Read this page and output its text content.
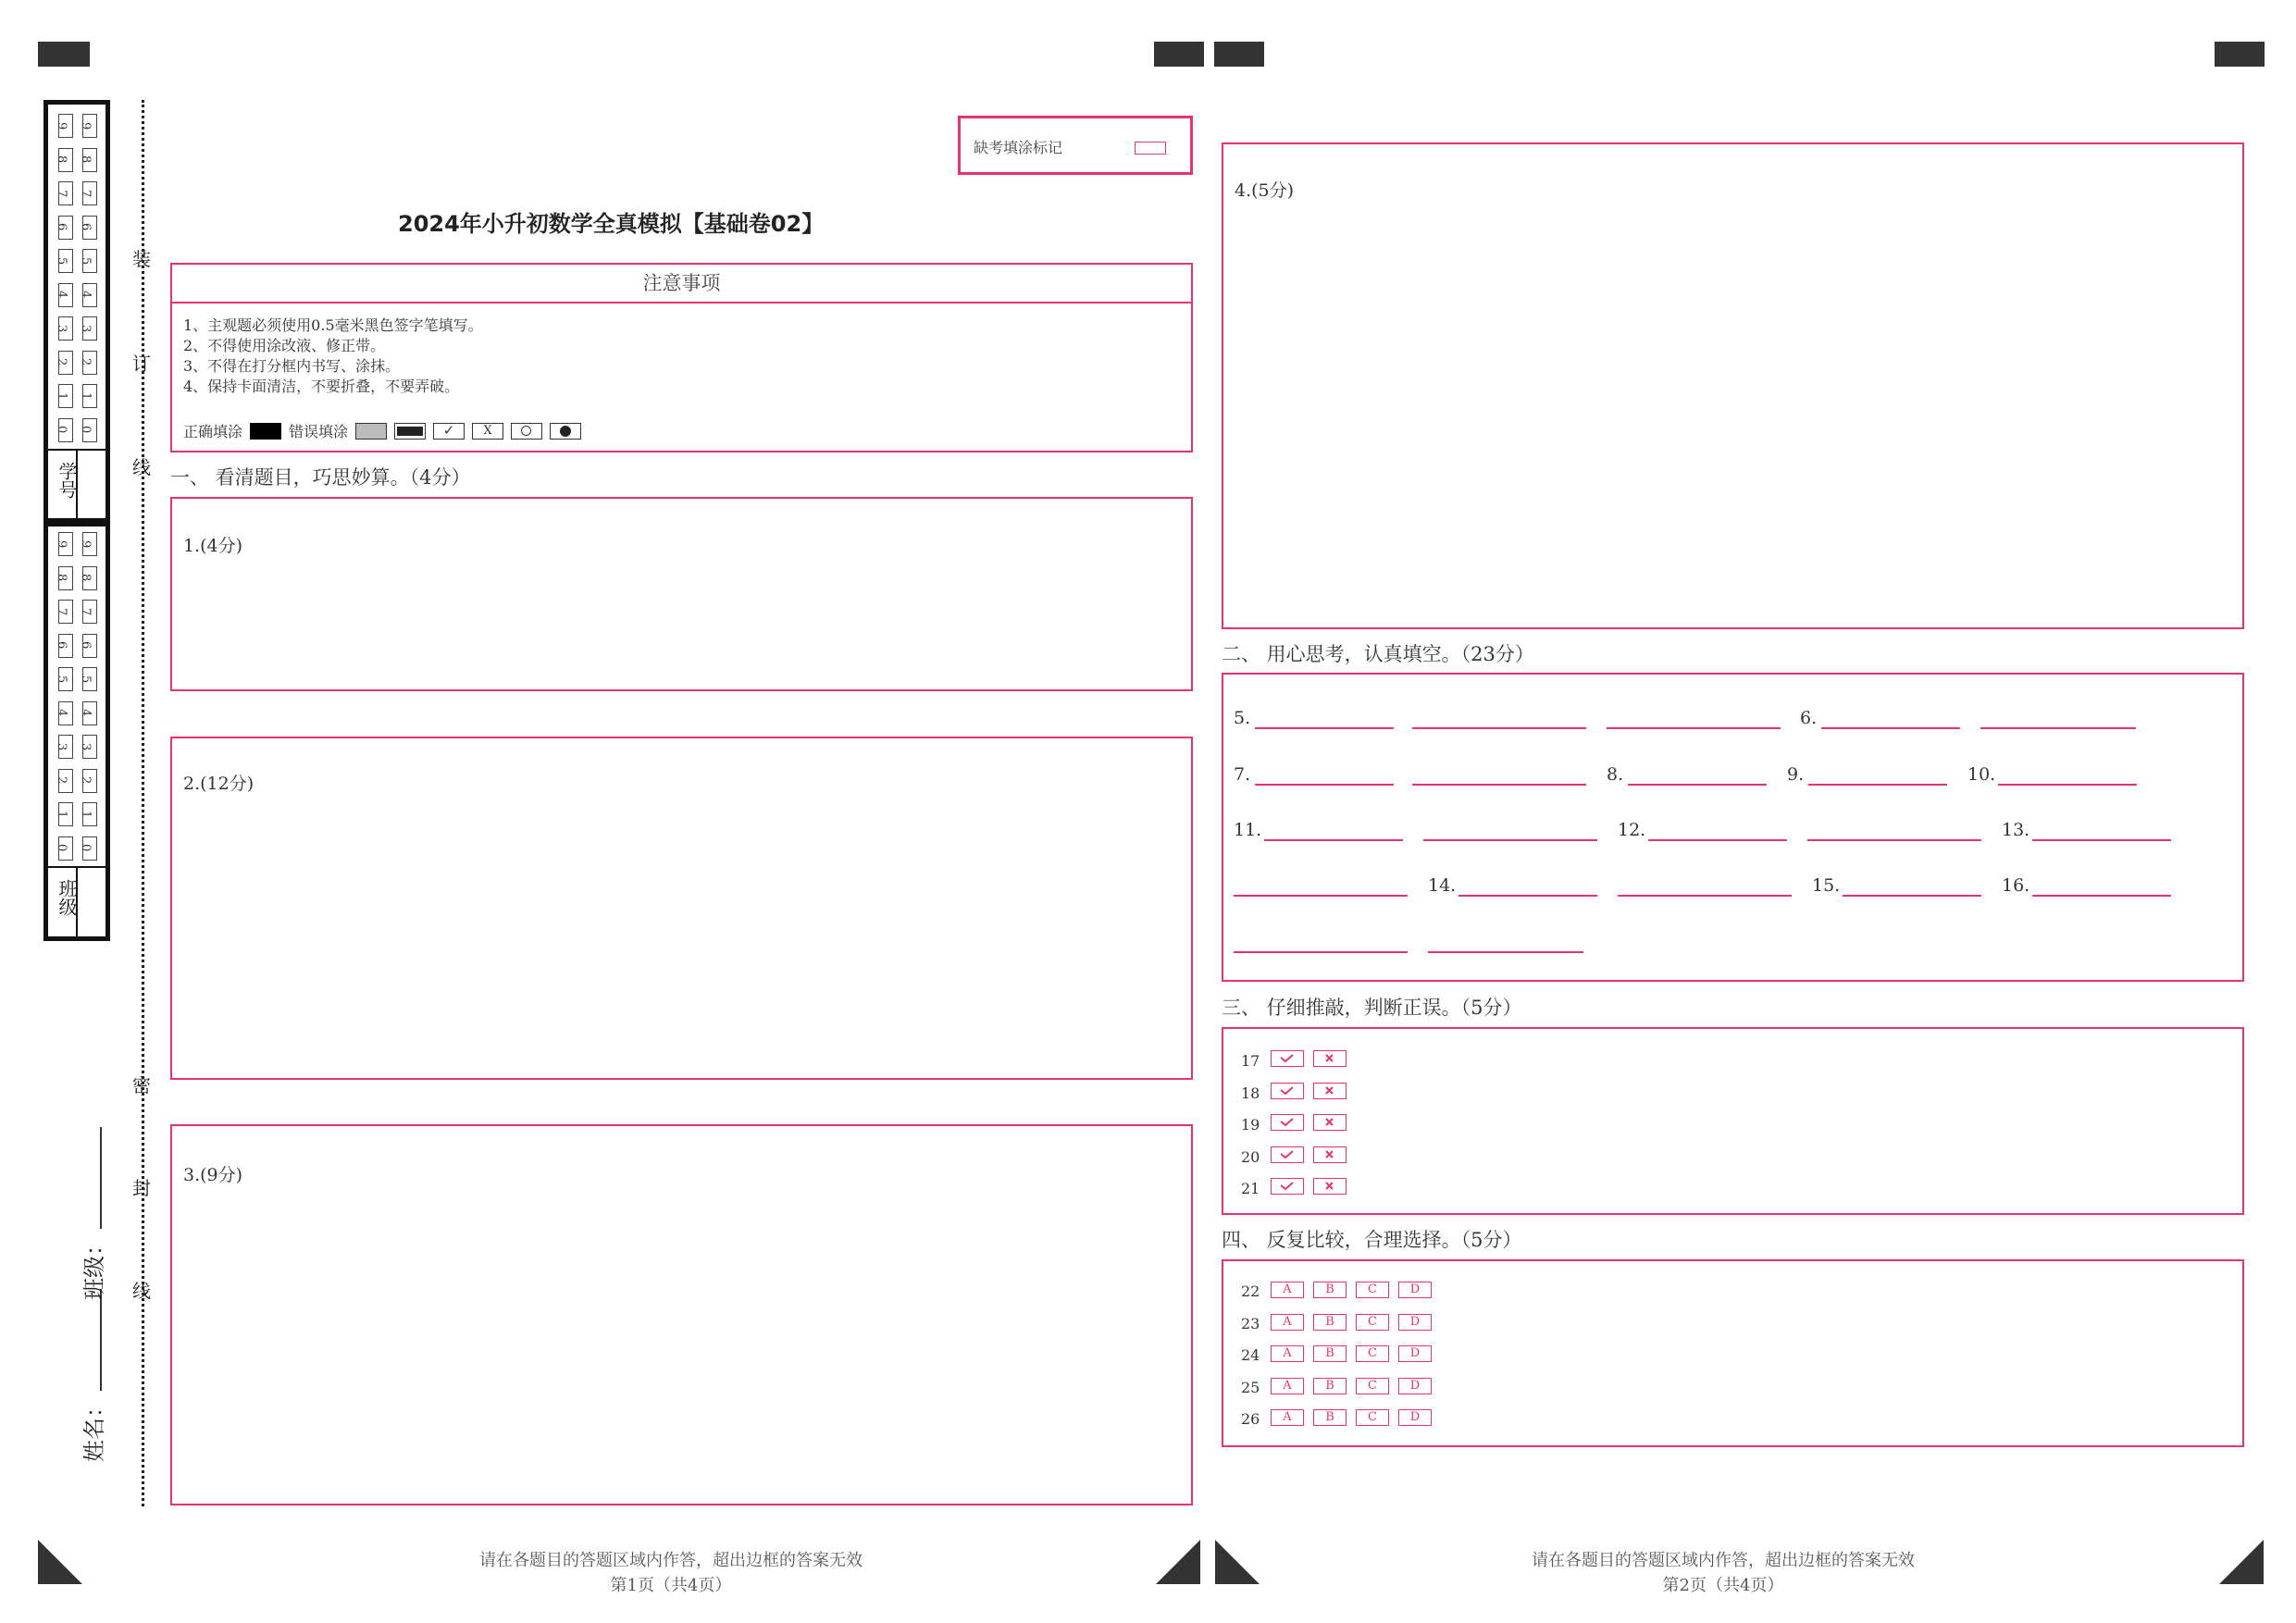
学号
班级
9 9
8 8
7 7
6 6
5 5
4 4
3 3
2 2
1 1
0 0
9 9
8 8
7 7
6 6
5 5
4 4
3 3
2 2
1 1
0 0
装
订
线
密
封
线
姓名：
班级：
缺考填涂标记
2024年小升初数学全真模拟【基础卷02】
注意事项
1、主观题必须使用0.5毫米黑色签字笔填写。
2、不得使用涂改液、修正带。
3、不得在打分框内书写、涂抹。
4、保持卡面清洁，不要折叠，不要弄破。
正确填涂	错误填涂	✓	X
一、 看清题目，巧思妙算。（4分）
1.(4分)
2.(12分)
3.(9分)
请在各题目的答题区域内作答，超出边框的答案无效
第1页（共4页）
4.(5分)
二、 用心思考，认真填空。（23分）
5.	6.
7.	8.	9.	10.
11.	12.	13.
14.	15.	16.
三、 仔细推敲，判断正误。（5分）
17
18
19
20
21
四、 反复比较，合理选择。（5分）
22	A	B	C	D
23	A	B	C	D
24	A	B	C	D
25	A	B	C	D
26	A	B	C	D
请在各题目的答题区域内作答，超出边框的答案无效
第2页（共4页）
